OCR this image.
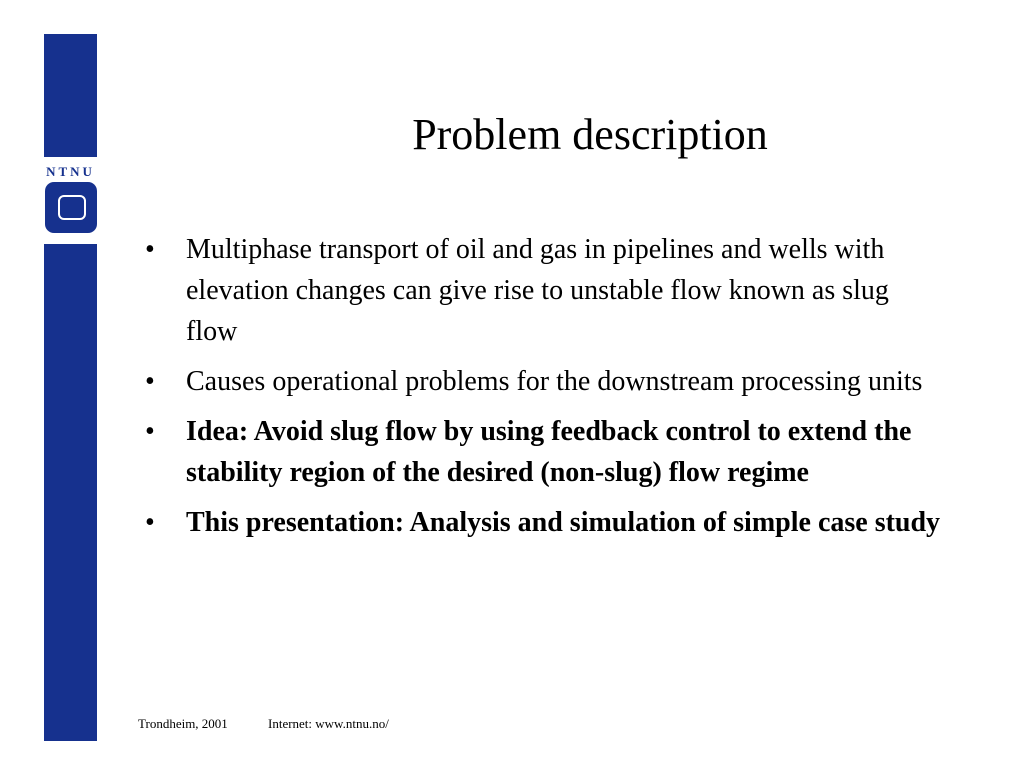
NTNU
Problem description
•	Multiphase transport of oil and gas in pipelines and wells with elevation changes can give rise to unstable flow known as slug flow
•	Causes operational problems for the downstream processing units
•	Idea: Avoid slug flow by using feedback control to extend the stability region of the desired (non-slug) flow regime
•	This presentation: Analysis and simulation of simple case study
Trondheim, 2001	Internet: www.ntnu.no/
